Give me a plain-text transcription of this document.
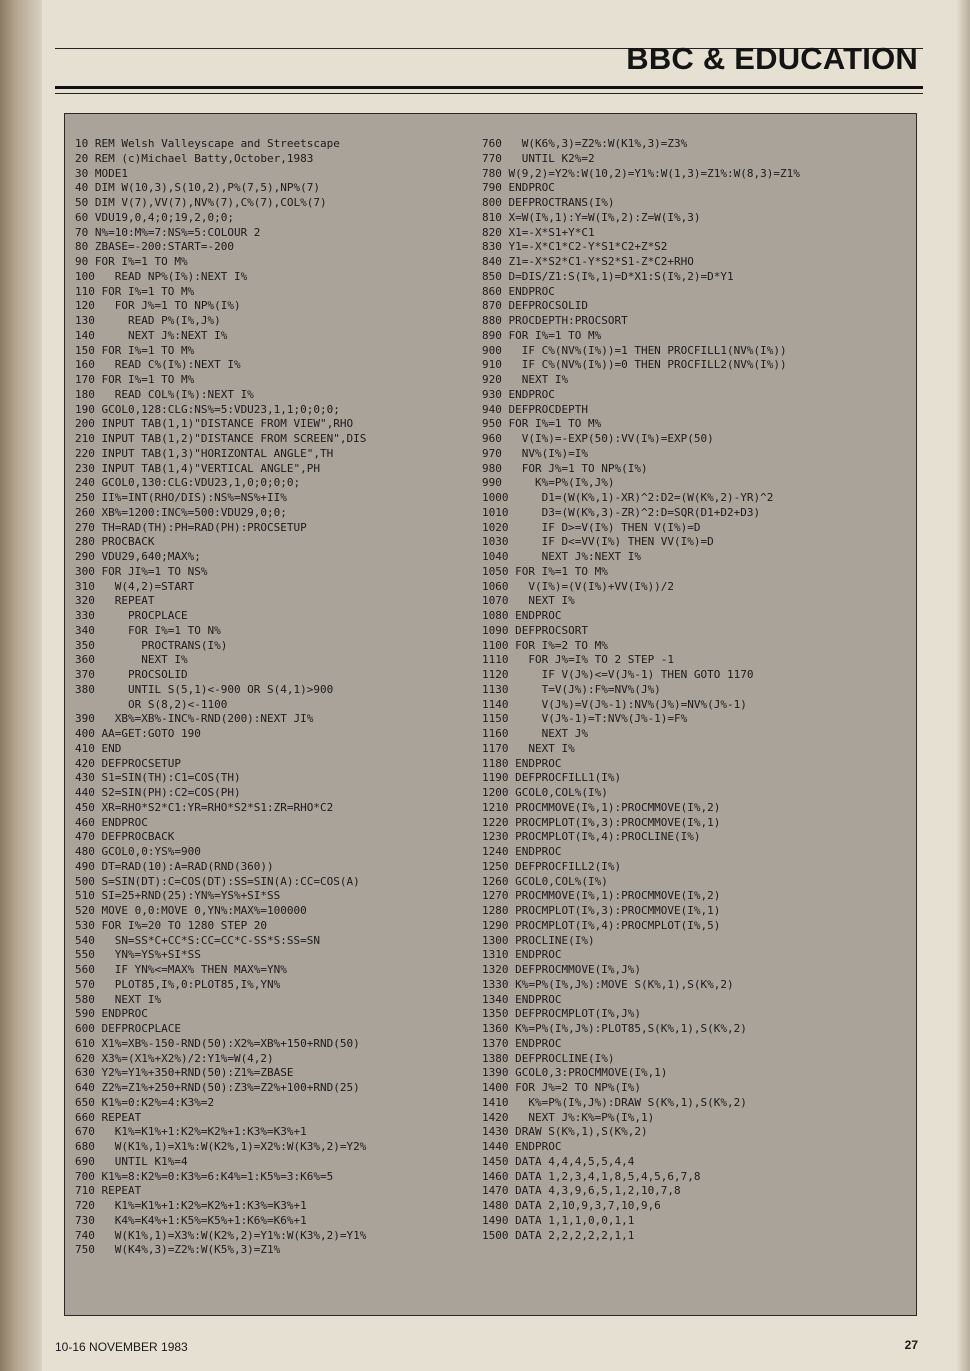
BBC & EDUCATION
10 REM Welsh Valleyscape and Streetscape
20 REM (c)Michael Batty,October,1983
30 MODE1
40 DIM W(10,3),S(10,2),P%(7,5),NP%(7)
50 DIM V(7),VV(7),NV%(7),C%(7),COL%(7)
60 VDU19,0,4;0;19,2,0;0;
70 N%=10:M%=7:NS%=5:COLOUR 2
80 ZBASE=-200:START=-200
90 FOR I%=1 TO M%
100   READ NP%(I%):NEXT I%
110 FOR I%=1 TO M%
120   FOR J%=1 TO NP%(I%)
130     READ P%(I%,J%)
140     NEXT J%:NEXT I%
150 FOR I%=1 TO M%
160   READ C%(I%):NEXT I%
170 FOR I%=1 TO M%
180   READ COL%(I%):NEXT I%
190 GCOL0,128:CLG:NS%=5:VDU23,1,1;0;0;0;
200 INPUT TAB(1,1)"DISTANCE FROM VIEW",RHO
210 INPUT TAB(1,2)"DISTANCE FROM SCREEN",DIS
220 INPUT TAB(1,3)"HORIZONTAL ANGLE",TH
230 INPUT TAB(1,4)"VERTICAL ANGLE",PH
240 GCOL0,130:CLG:VDU23,1,0;0;0;0;
250 II%=INT(RHO/DIS):NS%=NS%+II%
260 XB%=1200:INC%=500:VDU29,0;0;
270 TH=RAD(TH):PH=RAD(PH):PROCSETUP
280 PROCBACK
290 VDU29,640;MAX%;
300 FOR JI%=1 TO NS%
310   W(4,2)=START
320   REPEAT
330     PROCPLACE
340     FOR I%=1 TO N%
350       PROCTRANS(I%)
360       NEXT I%
370     PROCSOLID
380     UNTIL S(5,1)<-900 OR S(4,1)>900
OR S(8,2)<-1100
390   XB%=XB%-INC%-RND(200):NEXT JI%
400 AA=GET:GOTO 190
410 END
420 DEFPROCSETUP
430 S1=SIN(TH):C1=COS(TH)
440 S2=SIN(PH):C2=COS(PH)
450 XR=RHO*S2*C1:YR=RHO*S2*S1:ZR=RHO*C2
460 ENDPROC
470 DEFPROCBACK
480 GCOL0,0:YS%=900
490 DT=RAD(10):A=RAD(RND(360))
500 S=SIN(DT):C=COS(DT):SS=SIN(A):CC=COS(A)
510 SI=25+RND(25):YN%=YS%+SI*SS
520 MOVE 0,0:MOVE 0,YN%:MAX%=100000
530 FOR I%=20 TO 1280 STEP 20
540   SN=SS*C+CC*S:CC=CC*C-SS*S:SS=SN
550   YN%=YS%+SI*SS
560   IF YN%<=MAX% THEN MAX%=YN%
570   PLOT85,I%,0:PLOT85,I%,YN%
580   NEXT I%
590 ENDPROC
600 DEFPROCPLACE
610 X1%=XB%-150-RND(50):X2%=XB%+150+RND(50)
620 X3%=(X1%+X2%)/2:Y1%=W(4,2)
630 Y2%=Y1%+350+RND(50):Z1%=ZBASE
640 Z2%=Z1%+250+RND(50):Z3%=Z2%+100+RND(25)
650 K1%=0:K2%=4:K3%=2
660 REPEAT
670   K1%=K1%+1:K2%=K2%+1:K3%=K3%+1
680   W(K1%,1)=X1%:W(K2%,1)=X2%:W(K3%,2)=Y2%
690   UNTIL K1%=4
700 K1%=8:K2%=0:K3%=6:K4%=1:K5%=3:K6%=5
710 REPEAT
720   K1%=K1%+1:K2%=K2%+1:K3%=K3%+1
730   K4%=K4%+1:K5%=K5%+1:K6%=K6%+1
740   W(K1%,1)=X3%:W(K2%,2)=Y1%:W(K3%,2)=Y1%
750   W(K4%,3)=Z2%:W(K5%,3)=Z1%
760   W(K6%,3)=Z2%:W(K1%,3)=Z3%
770   UNTIL K2%=2
780 W(9,2)=Y2%:W(10,2)=Y1%:W(1,3)=Z1%:W(8,3)=Z1%
790 ENDPROC
800 DEFPROCTRANS(I%)
810 X=W(I%,1):Y=W(I%,2):Z=W(I%,3)
820 X1=-X*S1+Y*C1
830 Y1=-X*C1*C2-Y*S1*C2+Z*S2
840 Z1=-X*S2*C1-Y*S2*S1-Z*C2+RHO
850 D=DIS/Z1:S(I%,1)=D*X1:S(I%,2)=D*Y1
860 ENDPROC
870 DEFPROCSOLID
880 PROCDEPTH:PROCSORT
890 FOR I%=1 TO M%
900   IF C%(NV%(I%))=1 THEN PROCFILL1(NV%(I%))
910   IF C%(NV%(I%))=0 THEN PROCFILL2(NV%(I%))
920   NEXT I%
930 ENDPROC
940 DEFPROCDEPTH
950 FOR I%=1 TO M%
960   V(I%)=-EXP(50):VV(I%)=EXP(50)
970   NV%(I%)=I%
980   FOR J%=1 TO NP%(I%)
990     K%=P%(I%,J%)
1000     D1=(W(K%,1)-XR)^2:D2=(W(K%,2)-YR)^2
1010     D3=(W(K%,3)-ZR)^2:D=SQR(D1+D2+D3)
1020     IF D>=V(I%) THEN V(I%)=D
1030     IF D<=VV(I%) THEN VV(I%)=D
1040     NEXT J%:NEXT I%
1050 FOR I%=1 TO M%
1060   V(I%)=(V(I%)+VV(I%))/2
1070   NEXT I%
1080 ENDPROC
1090 DEFPROCSORT
1100 FOR I%=2 TO M%
1110   FOR J%=I% TO 2 STEP -1
1120     IF V(J%)<=V(J%-1) THEN GOTO 1170
1130     T=V(J%):F%=NV%(J%)
1140     V(J%)=V(J%-1):NV%(J%)=NV%(J%-1)
1150     V(J%-1)=T:NV%(J%-1)=F%
1160     NEXT J%
1170   NEXT I%
1180 ENDPROC
1190 DEFPROCFILL1(I%)
1200 GCOL0,COL%(I%)
1210 PROCMMOVE(I%,1):PROCMMOVE(I%,2)
1220 PROCMPLOT(I%,3):PROCMMOVE(I%,1)
1230 PROCMPLOT(I%,4):PROCLINE(I%)
1240 ENDPROC
1250 DEFPROCFILL2(I%)
1260 GCOL0,COL%(I%)
1270 PROCMMOVE(I%,1):PROCMMOVE(I%,2)
1280 PROCMPLOT(I%,3):PROCMMOVE(I%,1)
1290 PROCMPLOT(I%,4):PROCMPLOT(I%,5)
1300 PROCLINE(I%)
1310 ENDPROC
1320 DEFPROCMMOVE(I%,J%)
1330 K%=P%(I%,J%):MOVE S(K%,1),S(K%,2)
1340 ENDPROC
1350 DEFPROCMPLOT(I%,J%)
1360 K%=P%(I%,J%):PLOT85,S(K%,1),S(K%,2)
1370 ENDPROC
1380 DEFPROCLINE(I%)
1390 GCOL0,3:PROCMMOVE(I%,1)
1400 FOR J%=2 TO NP%(I%)
1410   K%=P%(I%,J%):DRAW S(K%,1),S(K%,2)
1420   NEXT J%:K%=P%(I%,1)
1430 DRAW S(K%,1),S(K%,2)
1440 ENDPROC
1450 DATA 4,4,4,5,5,4,4
1460 DATA 1,2,3,4,1,8,5,4,5,6,7,8
1470 DATA 4,3,9,6,5,1,2,10,7,8
1480 DATA 2,10,9,3,7,10,9,6
1490 DATA 1,1,1,0,0,1,1
1500 DATA 2,2,2,2,2,1,1
10-16 NOVEMBER 1983	27
